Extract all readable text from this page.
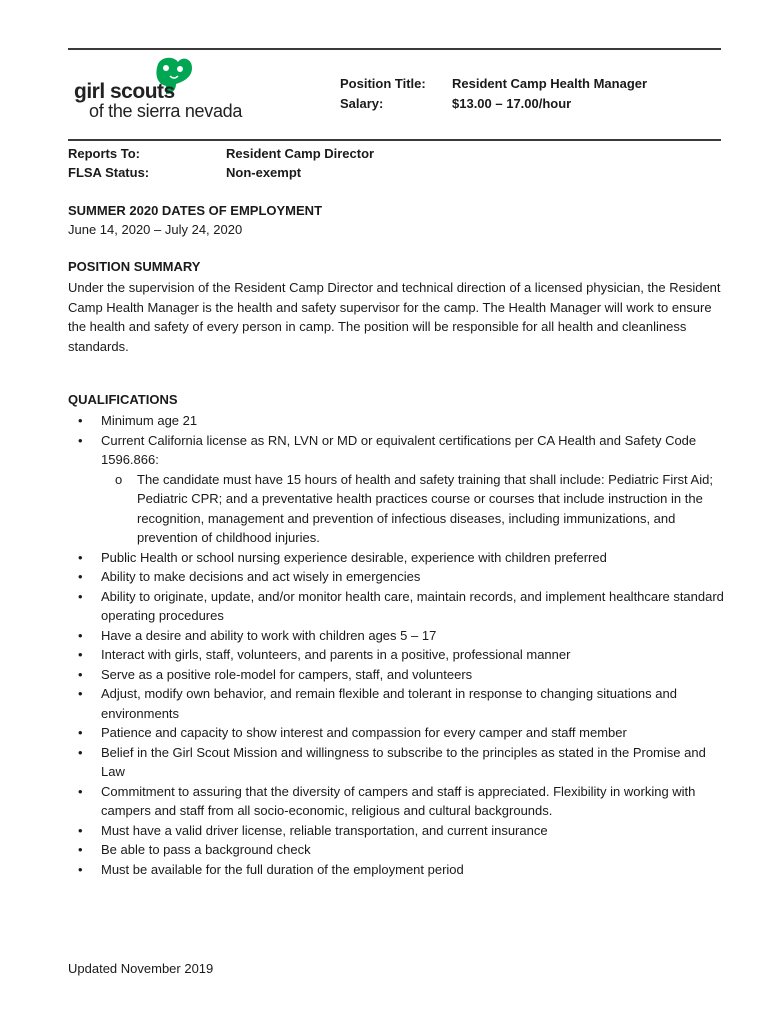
girl scouts
of the sierra nevada
Position Title: Resident Camp Health Manager
Salary:	$13.00 – 17.00/hour
Reports To:	Resident Camp Director
FLSA Status:	Non-exempt
SUMMER 2020 DATES OF EMPLOYMENT
June 14, 2020 – July 24, 2020
POSITION SUMMARY
Under the supervision of the Resident Camp Director and technical direction of a licensed physician, the Resident Camp Health Manager is the health and safety supervisor for the camp. The Health Manager will work to ensure the health and safety of every person in camp. The position will be responsible for all health and cleanliness standards.
QUALIFICATIONS
• Minimum age 21
• Current California license as RN, LVN or MD or equivalent certifications per CA Health and Safety Code 1596.866:
o The candidate must have 15 hours of health and safety training that shall include: Pediatric First Aid; Pediatric CPR; and a preventative health practices course or courses that include instruction in the recognition, management and prevention of infectious diseases, including immunizations, and prevention of childhood injuries.
• Public Health or school nursing experience desirable, experience with children preferred
• Ability to make decisions and act wisely in emergencies
• Ability to originate, update, and/or monitor health care, maintain records, and implement healthcare standard operating procedures
• Have a desire and ability to work with children ages 5 – 17
• Interact with girls, staff, volunteers, and parents in a positive, professional manner
• Serve as a positive role-model for campers, staff, and volunteers
• Adjust, modify own behavior, and remain flexible and tolerant in response to changing situations and environments
• Patience and capacity to show interest and compassion for every camper and staff member
• Belief in the Girl Scout Mission and willingness to subscribe to the principles as stated in the Promise and Law
• Commitment to assuring that the diversity of campers and staff is appreciated. Flexibility in working with campers and staff from all socio-economic, religious and cultural backgrounds.
• Must have a valid driver license, reliable transportation, and current insurance
• Be able to pass a background check
• Must be available for the full duration of the employment period
Updated November 2019
